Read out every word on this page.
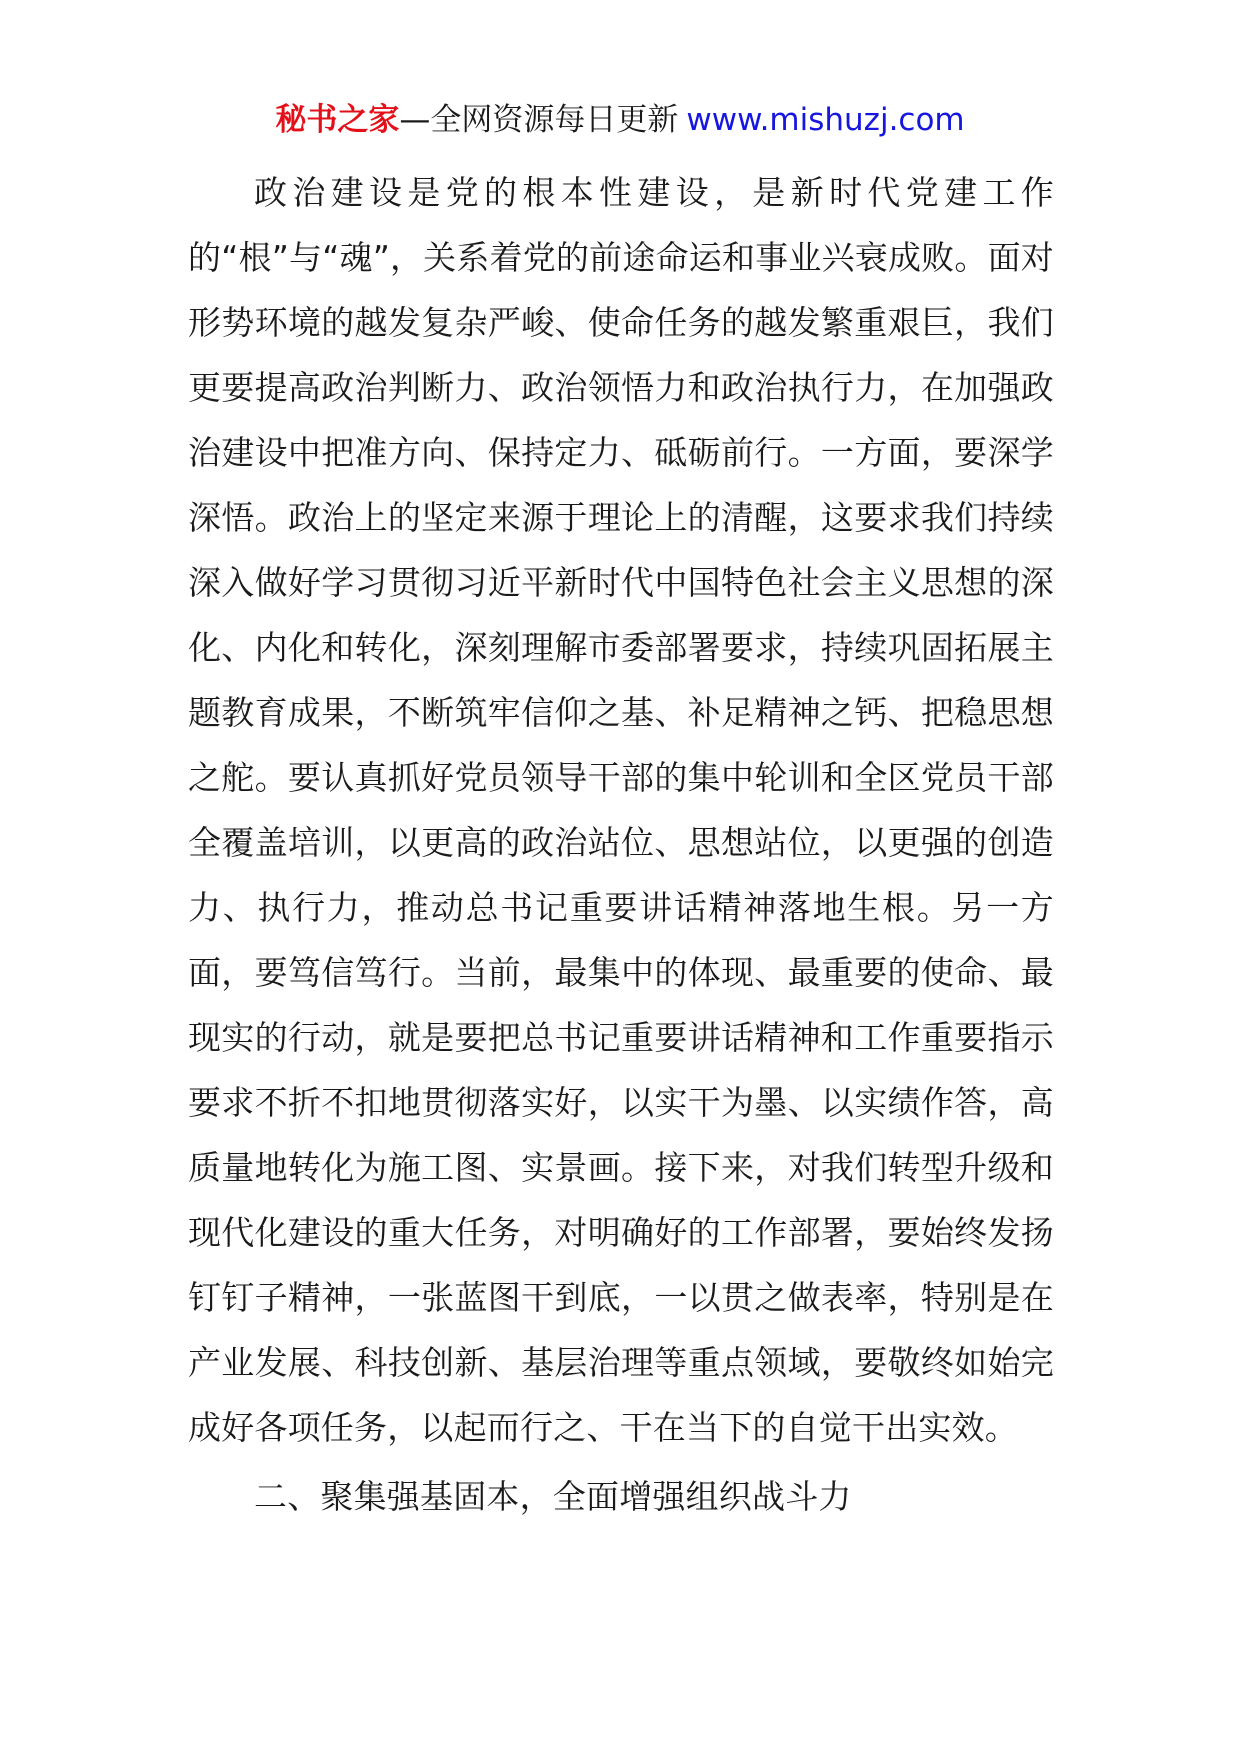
秘书之家—全网资源每日更新 www.mishuzj.com

政治建设是党的根本性建设，是新时代党建工作的“根”与“魂”，关系着党的前途命运和事业兴衰成败。面对形势环境的越发复杂严峻、使命任务的越发繁重艰巨，我们更要提高政治判断力、政治领悟力和政治执行力，在加强政治建设中把准方向、保持定力、砥砺前行。一方面，要深学深悟。政治上的坚定来源于理论上的清醒，这要求我们持续深入做好学习贯彻习近平新时代中国特色社会主义思想的深化、内化和转化，深刻理解市委部署要求，持续巩固拓展主题教育成果，不断筑牢信仰之基、补足精神之钙、把稳思想之舵。要认真抓好党员领导干部的集中轮训和全区党员干部全覆盖培训，以更高的政治站位、思想站位，以更强的创造力、执行力，推动总书记重要讲话精神落地生根。另一方面，要笃信笃行。当前，最集中的体现、最重要的使命、最现实的行动，就是要把总书记重要讲话精神和工作重要指示要求不折不扣地贯彻落实好，以实干为墨、以实绩作答，高质量地转化为施工图、实景画。接下来，对我们转型升级和现代化建设的重大任务，对明确好的工作部署，要始终发扬钉钉子精神，一张蓝图干到底，一以贯之做表率，特别是在产业发展、科技创新、基层治理等重点领域，要敬终如始完成好各项任务，以起而行之、干在当下的自觉干出实效。

二、聚集强基固本，全面增强组织战斗力
